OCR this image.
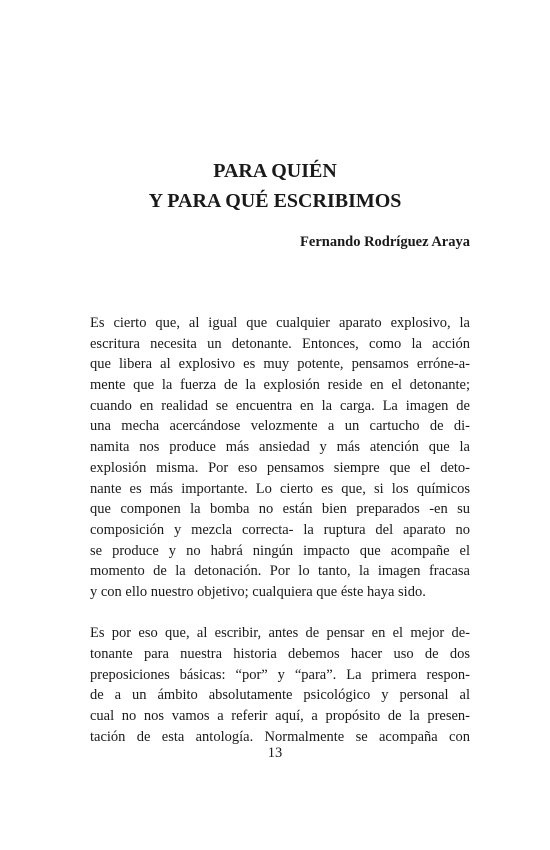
PARA QUIÉN
Y PARA QUÉ ESCRIBIMOS
Fernando Rodríguez Araya
Es cierto que, al igual que cualquier aparato explosivo, la
escritura necesita un detonante. Entonces, como la acción
que libera al explosivo es muy potente, pensamos erróne-a-
mente que la fuerza de la explosión reside en el detonante;
cuando en realidad se encuentra en la carga. La imagen de
una mecha acercándose velozmente a un cartucho de di-
namita nos produce más ansiedad y más atención que la
explosión misma. Por eso pensamos siempre que el deto-
nante es más importante. Lo cierto es que, si los químicos
que componen la bomba no están bien preparados -en su
composición y mezcla correcta- la ruptura del aparato no
se produce y no habrá ningún impacto que acompañe el
momento de la detonación. Por lo tanto, la imagen fracasa
y con ello nuestro objetivo; cualquiera que éste haya sido.
Es por eso que, al escribir, antes de pensar en el mejor de-
tonante para nuestra historia debemos hacer uso de dos
preposiciones básicas: “por” y “para”. La primera respon-
de a un ámbito absolutamente psicológico y personal al
cual no nos vamos a referir aquí, a propósito de la presen-
tación de esta antología. Normalmente se acompaña con
13
